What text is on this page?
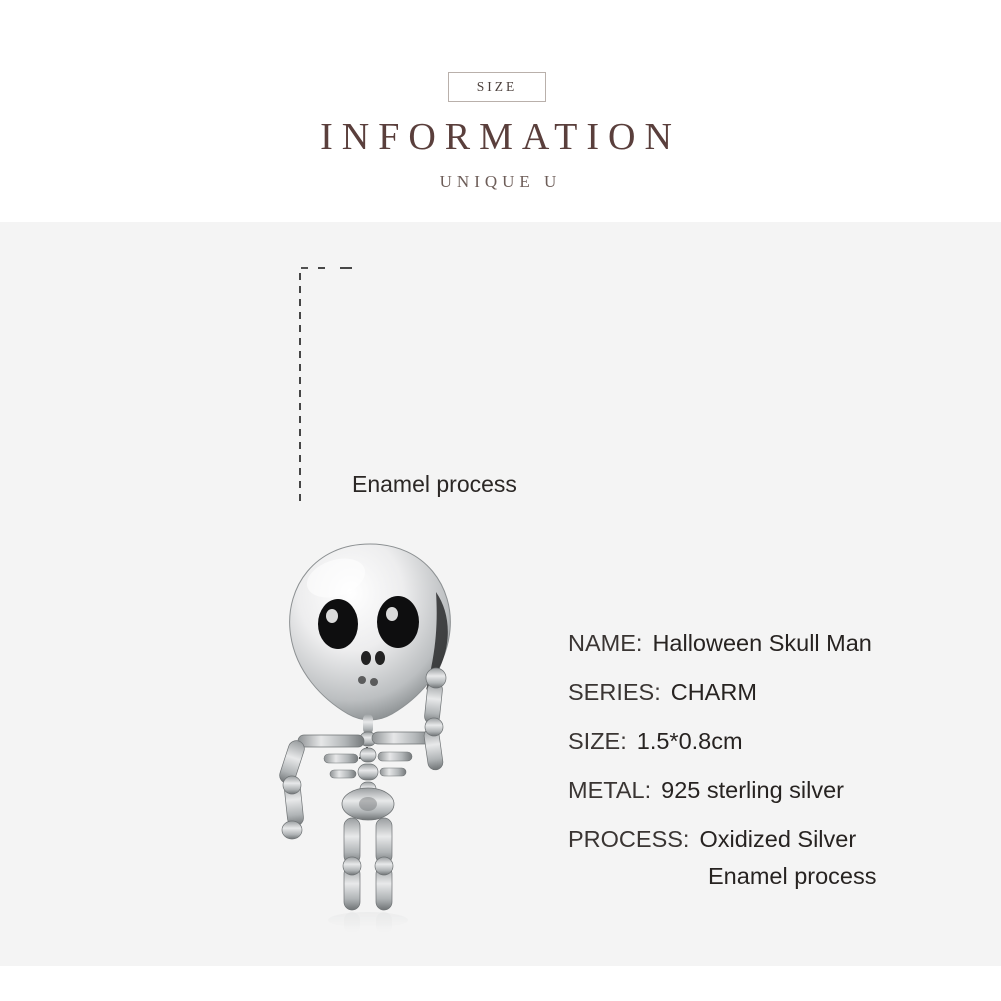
SIZE
INFORMATION
UNIQUE U
Enamel process
NAME: Halloween Skull Man
SERIES: CHARM
SIZE: 1.5*0.8cm
METAL: 925 sterling silver
PROCESS: Oxidized Silver
Enamel process
